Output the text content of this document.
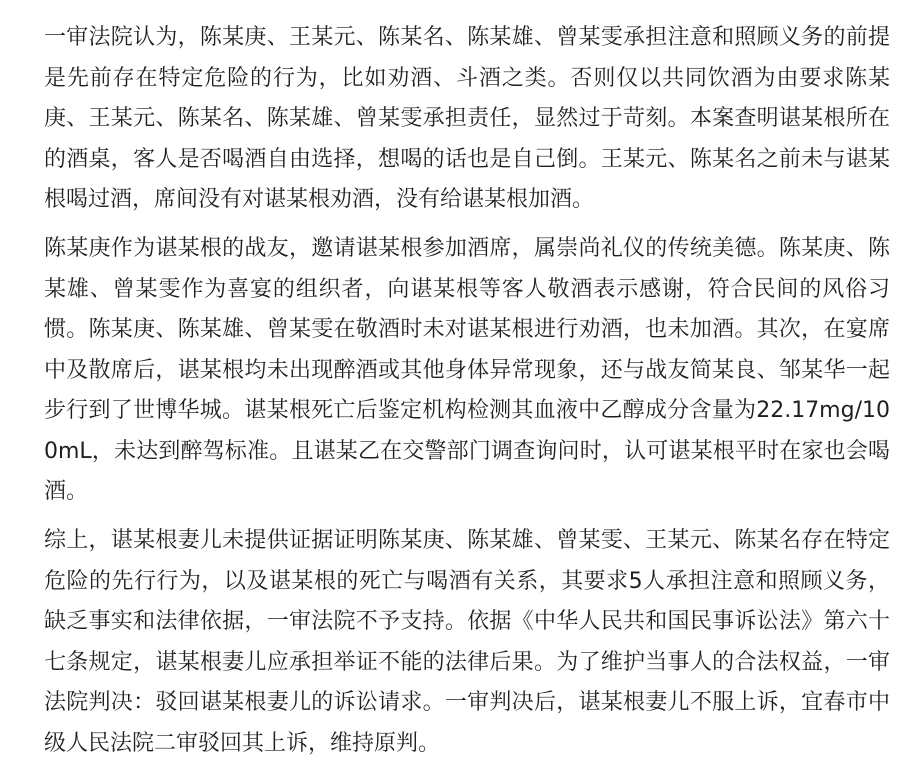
一审法院认为，陈某庚、王某元、陈某名、陈某雄、曾某雯承担注意和照顾义务的前提是先前存在特定危险的行为，比如劝酒、斗酒之类。否则仅以共同饮酒为由要求陈某庚、王某元、陈某名、陈某雄、曾某雯承担责任，显然过于苛刻。本案查明谌某根所在的酒桌，客人是否喝酒自由选择，想喝的话也是自己倒。王某元、陈某名之前未与谌某根喝过酒，席间没有对谌某根劝酒，没有给谌某根加酒。

陈某庚作为谌某根的战友，邀请谌某根参加酒席，属崇尚礼仪的传统美德。陈某庚、陈某雄、曾某雯作为喜宴的组织者，向谌某根等客人敬酒表示感谢，符合民间的风俗习惯。陈某庚、陈某雄、曾某雯在敬酒时未对谌某根进行劝酒，也未加酒。其次，在宴席中及散席后，谌某根均未出现醉酒或其他身体异常现象，还与战友简某良、邹某华一起步行到了世博华城。谌某根死亡后鉴定机构检测其血液中乙醇成分含量为22.17mg/100mL，未达到醉驾标准。且谌某乙在交警部门调查询问时，认可谌某根平时在家也会喝酒。

综上，谌某根妻儿未提供证据证明陈某庚、陈某雄、曾某雯、王某元、陈某名存在特定危险的先行行为，以及谌某根的死亡与喝酒有关系，其要求5人承担注意和照顾义务，缺乏事实和法律依据，一审法院不予支持。依据《中华人民共和国民事诉讼法》第六十七条规定，谌某根妻儿应承担举证不能的法律后果。为了维护当事人的合法权益，一审法院判决：驳回谌某根妻儿的诉讼请求。一审判决后，谌某根妻儿不服上诉，宜春市中级人民法院二审驳回其上诉，维持原判。
